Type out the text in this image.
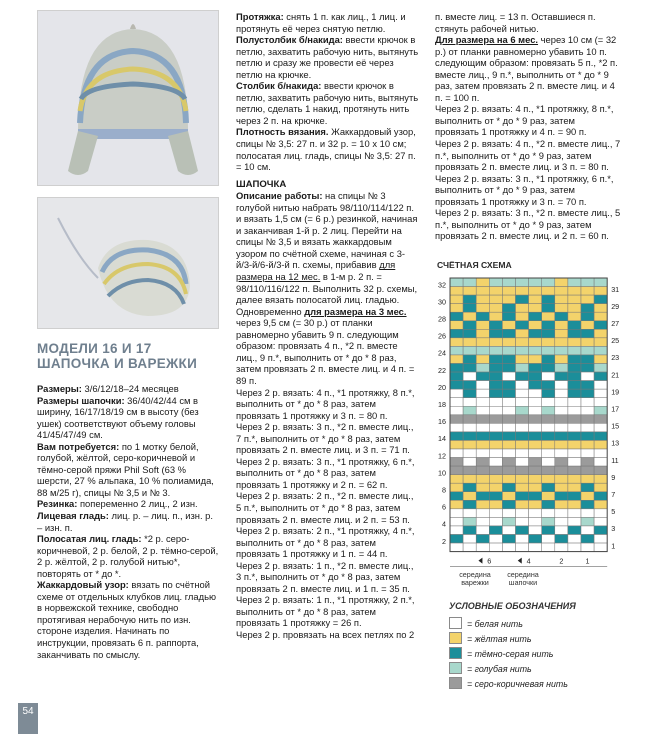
МОДЕЛИ 16 И 17
ШАПОЧКА И ВАРЕЖКИ

Размеры: 3/6/12/18–24 месяцев

Размеры шапочки: 36/40/42/44 см в ширину, 16/17/18/19 см в высоту (без ушек) соответствуют объему головы 41/45/47/49 см.

Вам потребуется: по 1 мотку белой, голубой, жёлтой, серо-коричневой и тёмно-серой пряжи Phil Soft (63 % шерсти, 27 % альпака, 10 % полиамида, 88 м/25 г), спицы № 3,5 и № 3.

Резинка: попеременно 2 лиц., 2 изн.

Лицевая гладь: лиц. р. – лиц. п., изн. р. – изн. п.

Полосатая лиц. гладь: *2 р. серо-коричневой, 2 р. белой, 2 р. тёмно-серой, 2 р. жёлтой, 2 р. голубой нитью*, повторять от * до *.

Жаккардовый узор: вязать по счётной схеме от отдельных клубков лиц. гладью в норвежской технике, свободно протягивая нерабочую нить по изн. стороне изделия. Начинать по инструкции, провязать 6 п. раппорта, заканчивать по смыслу.

Протяжка: снять 1 п. как лиц., 1 лиц. и протянуть её через снятую петлю.

Полустолбик б/накида: ввести крючок в петлю, захватить рабочую нить, вытянуть петлю и сразу же провести её через петлю на крючке.

Столбик б/накида: ввести крючок в петлю, захватить рабочую нить, вытянуть петлю, сделать 1 накид, протянуть нить через 2 п. на крючке.

Плотность вязания. Жаккардовый узор, спицы № 3,5: 27 п. и 32 р. = 10 х 10 см; полосатая лиц. гладь, спицы № 3,5: 27 п. = 10 см.

ШАПОЧКА

Описание работы: на спицы № 3 голубой нитью набрать 98/110/114/122 п. и вязать 1,5 см (= 6 р.) резинкой, начиная и заканчивая 1-й р. 2 лиц. Перейти на спицы № 3,5 и вязать жаккардовым узором по счётной схеме, начиная с 3-й/3-й/6-й/3-й п. схемы, прибавив для размера на 12 мес. в 1-м р. 2 п. = 98/110/116/122 п. Выполнить 32 р. схемы, далее вязать полосатой лиц. гладью.

Одновременно для размера на 3 мес. через 9,5 см (= 30 р.) от планки равномерно убавить 9 п. следующим образом: провязать 4 п., *2 п. вместе лиц., 9 п.*, выполнить от * до * 8 раз, затем провязать 2 п. вместе лиц. и 4 п. = 89 п.

Через 2 р. вязать: 4 п., *1 протяжку, 8 п.*, выполнить от * до * 8 раз, затем провязать 1 протяжку и 3 п. = 80 п.

Через 2 р. вязать: 3 п., *2 п. вместе лиц., 7 п.*, выполнить от * до * 8 раз, затем провязать 2 п. вместе лиц. и 3 п. = 71 п.

Через 2 р. вязать: 3 п., *1 протяжку, 6 п.*, выполнить от * до * 8 раз, затем провязать 1 протяжку и 2 п. = 62 п.

Через 2 р. вязать: 2 п., *2 п. вместе лиц., 5 п.*, выполнить от * до * 8 раз, затем провязать 2 п. вместе лиц. и 2 п. = 53 п.

Через 2 р. вязать: 2 п., *1 протяжку, 4 п.*, выполнить от * до * 8 раз, затем провязать 1 протяжку и 1 п. = 44 п.

Через 2 р. вязать: 1 п., *2 п. вместе лиц., 3 п.*, выполнить от * до * 8 раз, затем провязать 2 п. вместе лиц. и 1 п. = 35 п.

Через 2 р. вязать: 1 п., *1 протяжку, 2 п.*, выполнить от * до * 8 раз, затем провязать 1 протяжку = 26 п.

Через 2 р. провязать на всех петлях по 2

п. вместе лиц. = 13 п. Оставшиеся п. стянуть рабочей нитью.

Для размера на 6 мес. через 10 см (= 32 р.) от планки равномерно убавить 10 п. следующим образом: провязать 5 п., *2 п. вместе лиц., 9 п.*, выполнить от * до * 9 раз, затем провязать 2 п. вместе лиц. и 4 п. = 100 п.

Через 2 р. вязать: 4 п., *1 протяжку, 8 п.*, выполнить от * до * 9 раз, затем провязать 1 протяжку и 4 п. = 90 п.

Через 2 р. вязать: 4 п., *2 п. вместе лиц., 7 п.*, выполнить от * до * 9 раз, затем провязать 2 п. вместе лиц. и 3 п. = 80 п.

Через 2 р. вязать: 3 п., *1 протяжку, 6 п.*, выполнить от * до * 9 раз, затем провязать 1 протяжку и 3 п. = 70 п.

Через 2 р. вязать: 3 п., *2 п. вместе лиц., 5 п.*, выполнить от * до * 9 раз, затем провязать 2 п. вместе лиц. и 2 п. = 60 п.

СЧЁТНАЯ СХЕМА
32
31
30
29
28
27
26
25
24
23
22
21
20
19
18
17
16
15
14
13
12
11
10
9
8
7
6
5
4
3
2
1
6	4	2	1
середина варежки
середина шапочки
УСЛОВНЫЕ ОБОЗНАЧЕНИЯ
= белая нить
= жёлтая нить
= тёмно-серая нить
= голубая нить
= серо-коричневая нить
54
